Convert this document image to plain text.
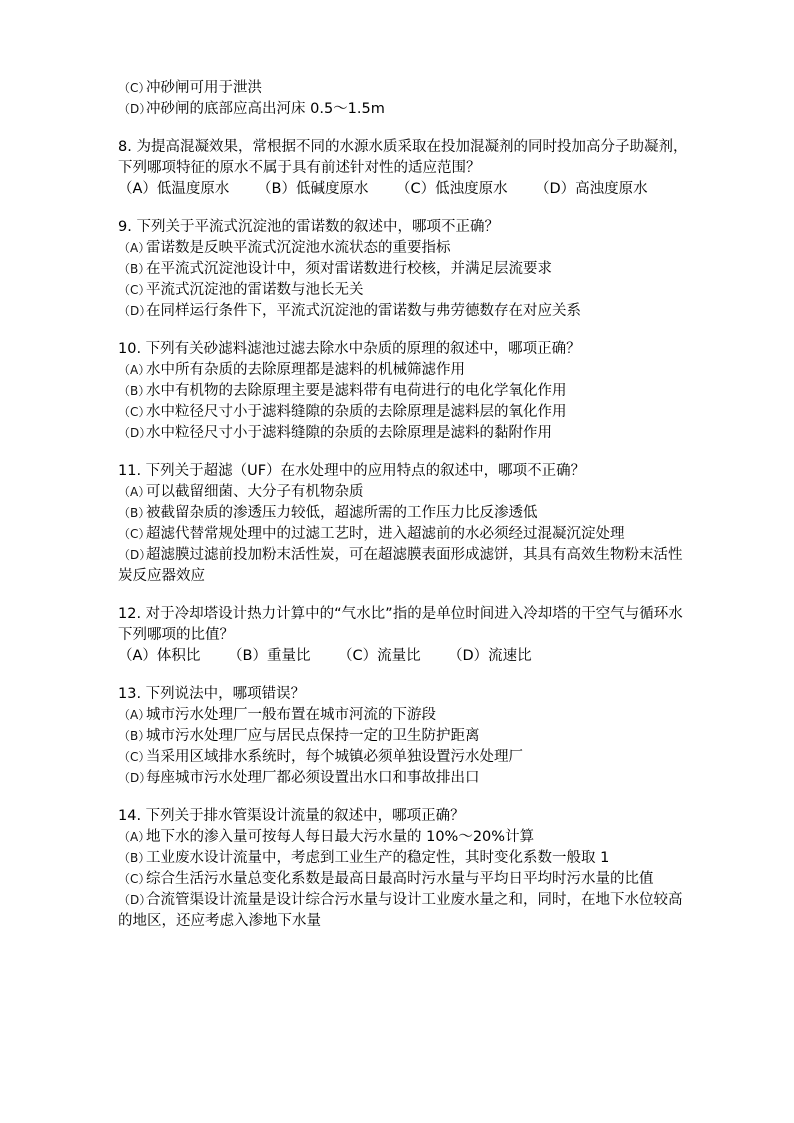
（C）冲砂闸可用于泄洪
（D）冲砂闸的底部应高出河床 0.5～1.5m
8. 为提高混凝效果，常根据不同的水源水质采取在投加混凝剂的同时投加高分子助凝剂，
下列哪项特征的原水不属于具有前述针对性的适应范围？
（A）低温度原水	（B）低碱度原水	（C）低浊度原水	（D）高浊度原水
9. 下列关于平流式沉淀池的雷诺数的叙述中，哪项不正确？
（A）雷诺数是反映平流式沉淀池水流状态的重要指标
（B）在平流式沉淀池设计中，须对雷诺数进行校核，并满足层流要求
（C）平流式沉淀池的雷诺数与池长无关
（D）在同样运行条件下，平流式沉淀池的雷诺数与弗劳德数存在对应关系
10. 下列有关砂滤料滤池过滤去除水中杂质的原理的叙述中，哪项正确？
（A）水中所有杂质的去除原理都是滤料的机械筛滤作用
（B）水中有机物的去除原理主要是滤料带有电荷进行的电化学氧化作用
（C）水中粒径尺寸小于滤料缝隙的杂质的去除原理是滤料层的氧化作用
（D）水中粒径尺寸小于滤料缝隙的杂质的去除原理是滤料的黏附作用
11. 下列关于超滤（UF）在水处理中的应用特点的叙述中，哪项不正确？
（A）可以截留细菌、大分子有机物杂质
（B）被截留杂质的渗透压力较低，超滤所需的工作压力比反渗透低
（C）超滤代替常规处理中的过滤工艺时，进入超滤前的水必须经过混凝沉淀处理
（D）超滤膜过滤前投加粉末活性炭，可在超滤膜表面形成滤饼，其具有高效生物粉末活性
炭反应器效应
12. 对于冷却塔设计热力计算中的“气水比”指的是单位时间进入冷却塔的干空气与循环水
下列哪项的比值？
（A）体积比	（B）重量比	（C）流量比	（D）流速比
13. 下列说法中，哪项错误？
（A）城市污水处理厂一般布置在城市河流的下游段
（B）城市污水处理厂应与居民点保持一定的卫生防护距离
（C）当采用区域排水系统时，每个城镇必须单独设置污水处理厂
（D）每座城市污水处理厂都必须设置出水口和事故排出口
14. 下列关于排水管渠设计流量的叙述中，哪项正确？
（A）地下水的渗入量可按每人每日最大污水量的 10%～20%计算
（B）工业废水设计流量中，考虑到工业生产的稳定性，其时变化系数一般取 1
（C）综合生活污水量总变化系数是最高日最高时污水量与平均日平均时污水量的比值
（D）合流管渠设计流量是设计综合污水量与设计工业废水量之和，同时，在地下水位较高
的地区，还应考虑入渗地下水量
